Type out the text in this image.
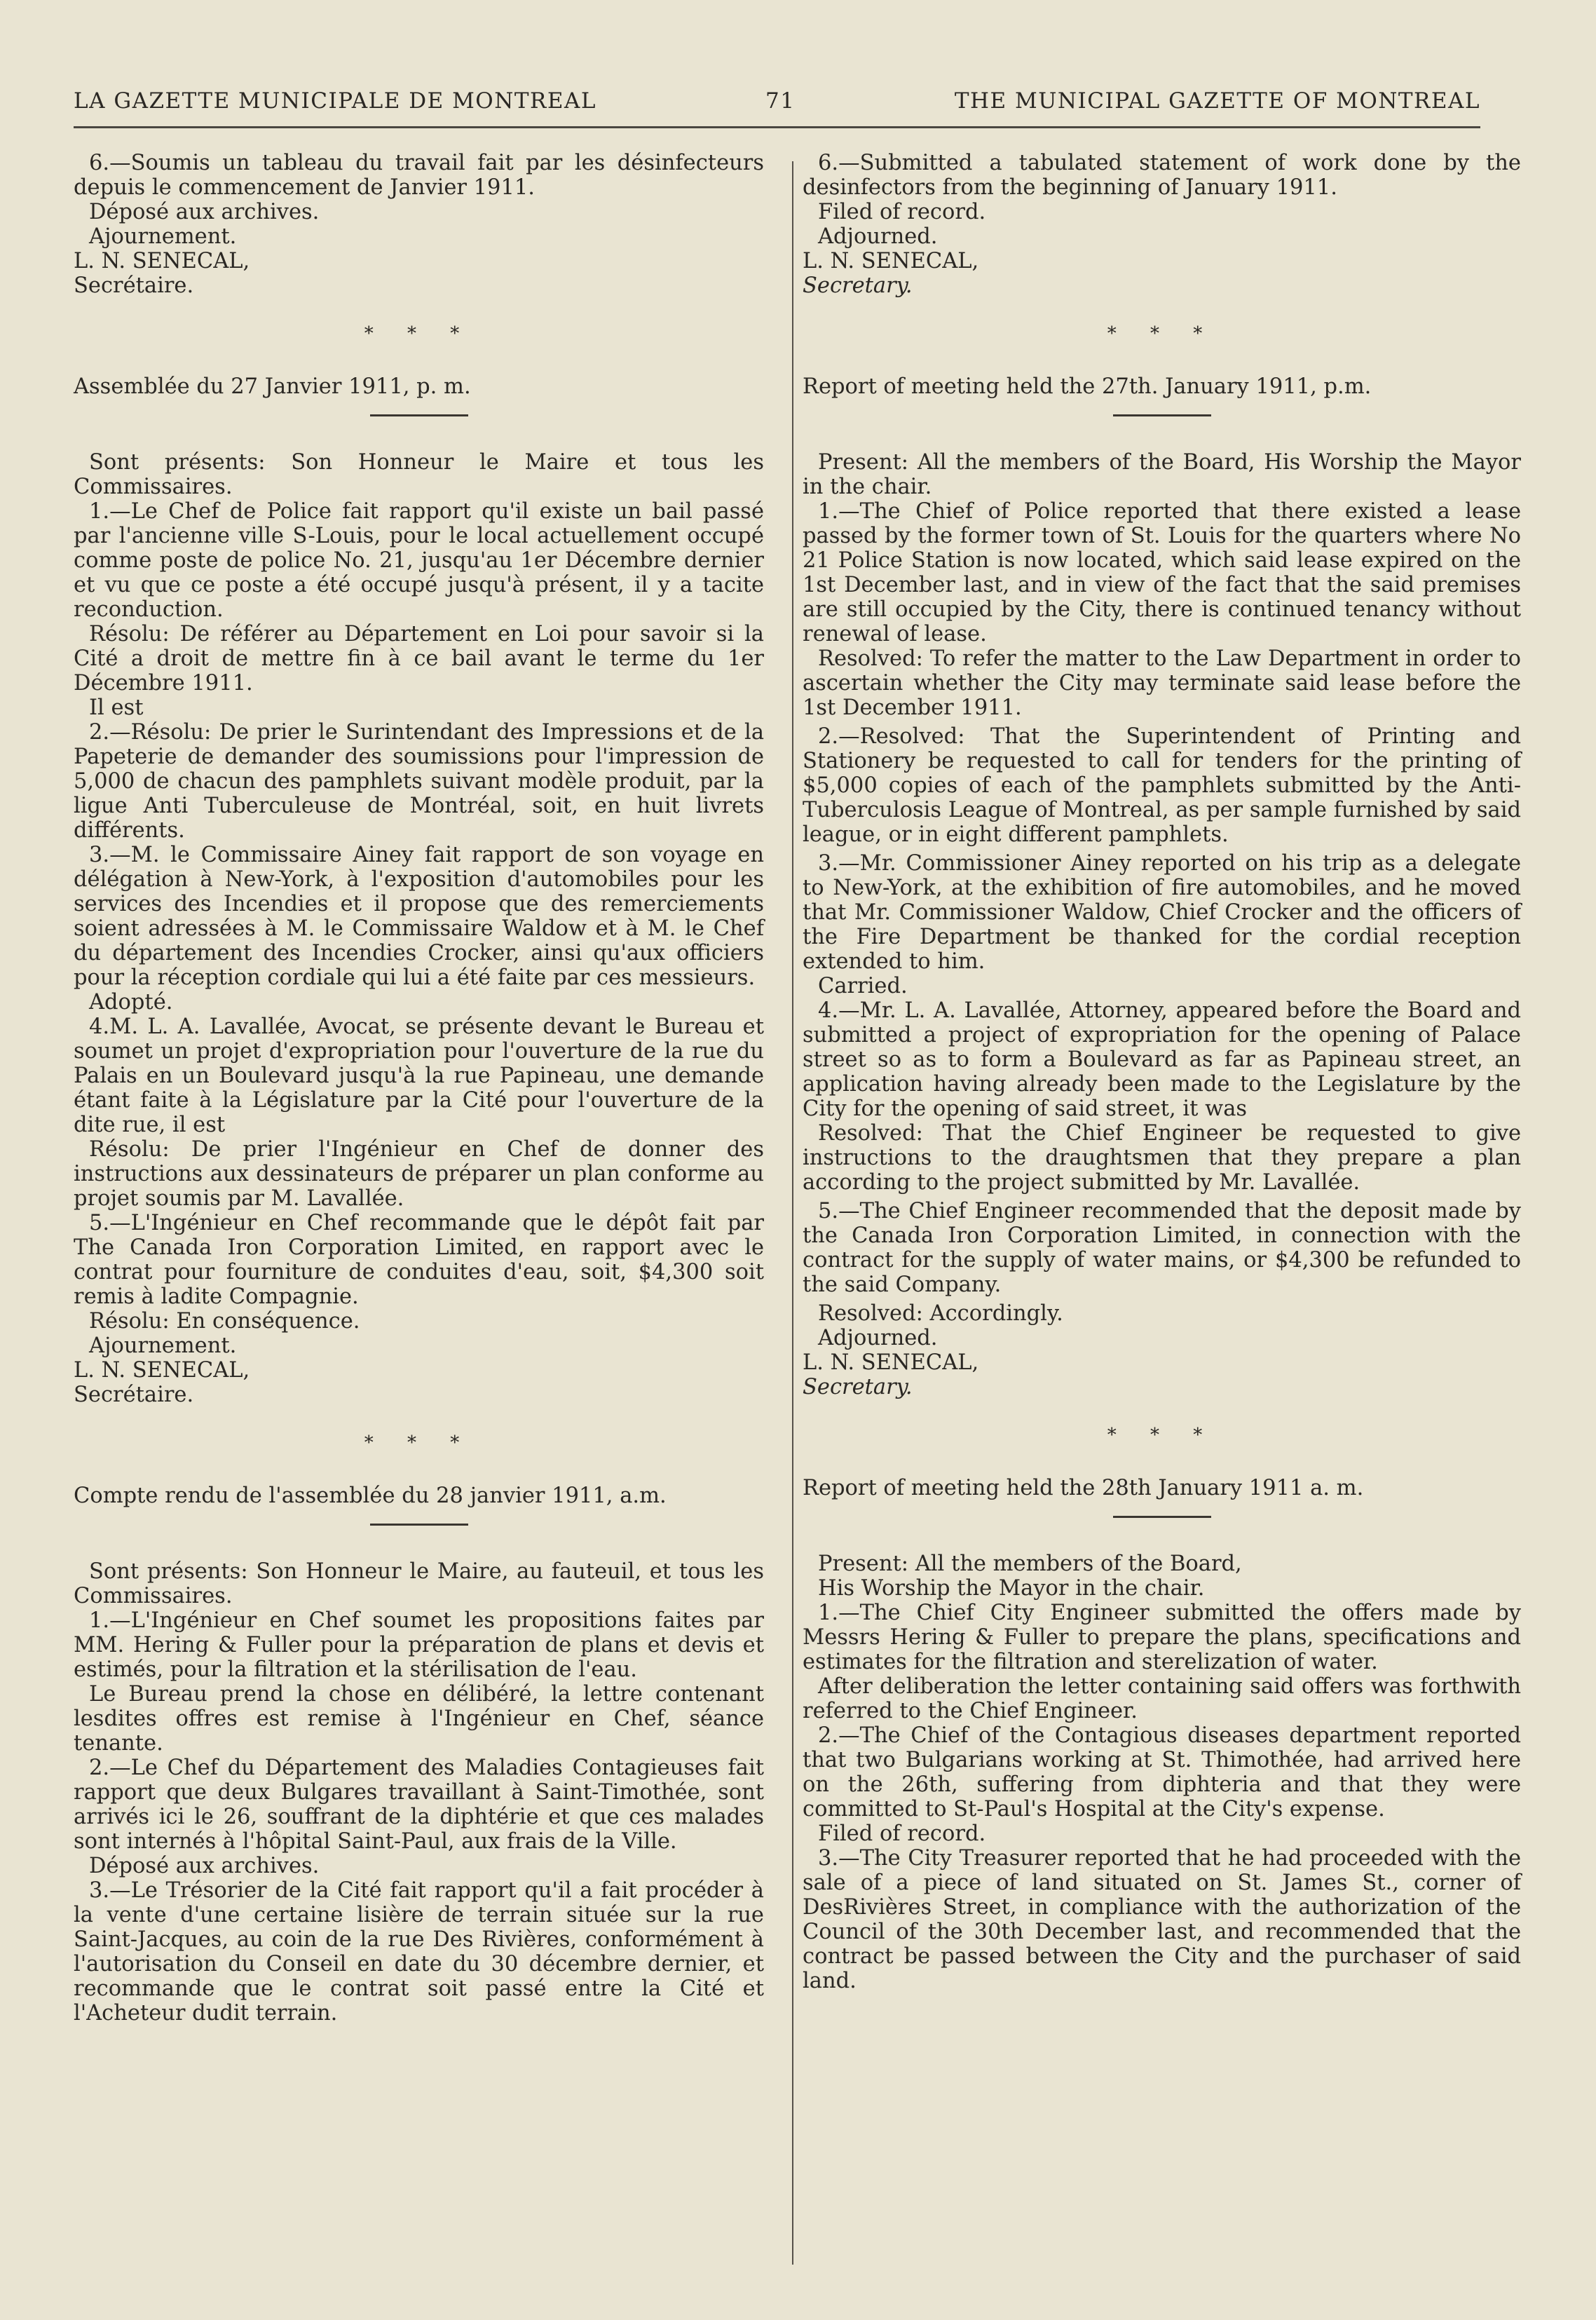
LA GAZETTE MUNICIPALE DE MONTREAL	71	THE MUNICIPAL GAZETTE OF MONTREAL

6.—Soumis un tableau du travail fait par les désinfecteurs depuis le commencement de Janvier 1911.

Déposé aux archives.

Ajournement.

L. N. SENECAL,

Secrétaire.

* * *

Assemblée du 27 Janvier 1911, p. m.

Sont présents: Son Honneur le Maire et tous les Commissaires.

1.—Le Chef de Police fait rapport qu'il existe un bail passé par l'ancienne ville S-Louis, pour le local actuellement occupé comme poste de police No. 21, jusqu'au 1er Décembre dernier et vu que ce poste a été occupé jusqu'à présent, il y a tacite reconduction.

Résolu: De référer au Département en Loi pour savoir si la Cité a droit de mettre fin à ce bail avant le terme du 1er Décembre 1911.

Il est

2.—Résolu: De prier le Surintendant des Impressions et de la Papeterie de demander des soumissions pour l'impression de 5,000 de chacun des pamphlets suivant modèle produit, par la ligue Anti Tuberculeuse de Montréal, soit, en huit livrets différents.

3.—M. le Commissaire Ainey fait rapport de son voyage en délégation à New-York, à l'exposition d'automobiles pour les services des Incendies et il propose que des remerciements soient adressées à M. le Commissaire Waldow et à M. le Chef du département des Incendies Crocker, ainsi qu'aux officiers pour la réception cordiale qui lui a été faite par ces messieurs.

Adopté.

4.M. L. A. Lavallée, Avocat, se présente devant le Bureau et soumet un projet d'expropriation pour l'ouverture de la rue du Palais en un Boulevard jusqu'à la rue Papineau, une demande étant faite à la Législature par la Cité pour l'ouverture de la dite rue, il est

Résolu: De prier l'Ingénieur en Chef de donner des instructions aux dessinateurs de préparer un plan conforme au projet soumis par M. Lavallée.

5.—L'Ingénieur en Chef recommande que le dépôt fait par The Canada Iron Corporation Limited, en rapport avec le contrat pour fourniture de conduites d'eau, soit, $4,300 soit remis à ladite Compagnie.

Résolu: En conséquence.

Ajournement.

L. N. SENECAL,

Secrétaire.

* * *

Compte rendu de l'assemblée du 28 janvier 1911, a.m.

Sont présents: Son Honneur le Maire, au fauteuil, et tous les Commissaires.

1.—L'Ingénieur en Chef soumet les propositions faites par MM. Hering & Fuller pour la préparation de plans et devis et estimés, pour la filtration et la stérilisation de l'eau.

Le Bureau prend la chose en délibéré, la lettre contenant lesdites offres est remise à l'Ingénieur en Chef, séance tenante.

2.—Le Chef du Département des Maladies Contagieuses fait rapport que deux Bulgares travaillant à Saint-Timothée, sont arrivés ici le 26, souffrant de la diphtérie et que ces malades sont internés à l'hôpital Saint-Paul, aux frais de la Ville.

Déposé aux archives.

3.—Le Trésorier de la Cité fait rapport qu'il a fait procéder à la vente d'une certaine lisière de terrain située sur la rue Saint-Jacques, au coin de la rue Des Rivières, conformément à l'autorisation du Conseil en date du 30 décembre dernier, et recommande que le contrat soit passé entre la Cité et l'Acheteur dudit terrain.

6.—Submitted a tabulated statement of work done by the desinfectors from the beginning of January 1911.

Filed of record.

Adjourned.

L. N. SENECAL,

Secretary.

* * *

Report of meeting held the 27th. January 1911, p.m.

Present: All the members of the Board, His Worship the Mayor in the chair.

1.—The Chief of Police reported that there existed a lease passed by the former town of St. Louis for the quarters where No 21 Police Station is now located, which said lease expired on the 1st December last, and in view of the fact that the said premises are still occupied by the City, there is continued tenancy without renewal of lease.

Resolved: To refer the matter to the Law Department in order to ascertain whether the City may terminate said lease before the 1st December 1911.

2.—Resolved: That the Superintendent of Printing and Stationery be requested to call for tenders for the printing of $5,000 copies of each of the pamphlets submitted by the Anti-Tuberculosis League of Montreal, as per sample furnished by said league, or in eight different pamphlets.

3.—Mr. Commissioner Ainey reported on his trip as a delegate to New-York, at the exhibition of fire automobiles, and he moved that Mr. Commissioner Waldow, Chief Crocker and the officers of the Fire Department be thanked for the cordial reception extended to him.

Carried.

4.—Mr. L. A. Lavallée, Attorney, appeared before the Board and submitted a project of expropriation for the opening of Palace street so as to form a Boulevard as far as Papineau street, an application having already been made to the Legislature by the City for the opening of said street, it was

Resolved: That the Chief Engineer be requested to give instructions to the draughtsmen that they prepare a plan according to the project submitted by Mr. Lavallée.

5.—The Chief Engineer recommended that the deposit made by the Canada Iron Corporation Limited, in connection with the contract for the supply of water mains, or $4,300 be refunded to the said Company.

Resolved: Accordingly.

Adjourned.

L. N. SENECAL,

Secretary.

* * *

Report of meeting held the 28th January 1911 a. m.

Present: All the members of the Board,

His Worship the Mayor in the chair.

1.—The Chief City Engineer submitted the offers made by Messrs Hering & Fuller to prepare the plans, specifications and estimates for the filtration and sterelization of water.

After deliberation the letter containing said offers was forthwith referred to the Chief Engineer.

2.—The Chief of the Contagious diseases department reported that two Bulgarians working at St. Thimothée, had arrived here on the 26th, suffering from diphteria and that they were committed to St-Paul's Hospital at the City's expense.

Filed of record.

3.—The City Treasurer reported that he had proceeded with the sale of a piece of land situated on St. James St., corner of DesRivières Street, in compliance with the authorization of the Council of the 30th December last, and recommended that the contract be passed between the City and the purchaser of said land.
